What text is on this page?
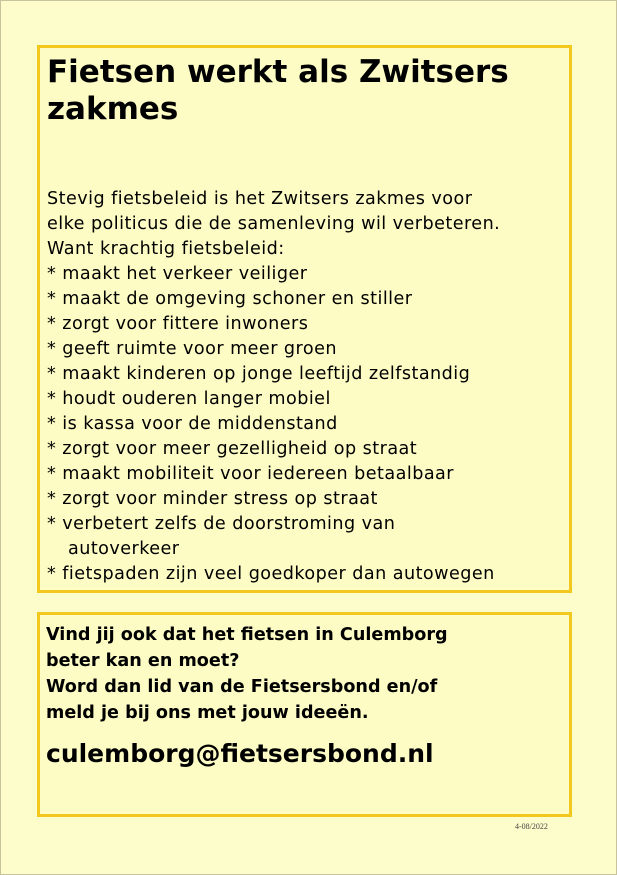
Fietsen werkt als Zwitsers zakmes
Stevig fietsbeleid is het Zwitsers zakmes voor
elke politicus die de samenleving wil verbeteren.
Want krachtig fietsbeleid:
* maakt het verkeer veiliger
* maakt de omgeving schoner en stiller
* zorgt voor fittere inwoners
* geeft ruimte voor meer groen
* maakt kinderen op jonge leeftijd zelfstandig
* houdt ouderen langer mobiel
* is kassa voor de middenstand
* zorgt voor meer gezelligheid op straat
* maakt mobiliteit voor iedereen betaalbaar
* zorgt voor minder stress op straat
* verbetert zelfs de doorstroming van
autoverkeer
* fietspaden zijn veel goedkoper dan autowegen
Vind jij ook dat het fietsen in Culemborg
beter kan en moet?
Word dan lid van de Fietsersbond en/of
meld je bij ons met jouw ideeën.
culemborg@fietsersbond.nl
4-08/2022
